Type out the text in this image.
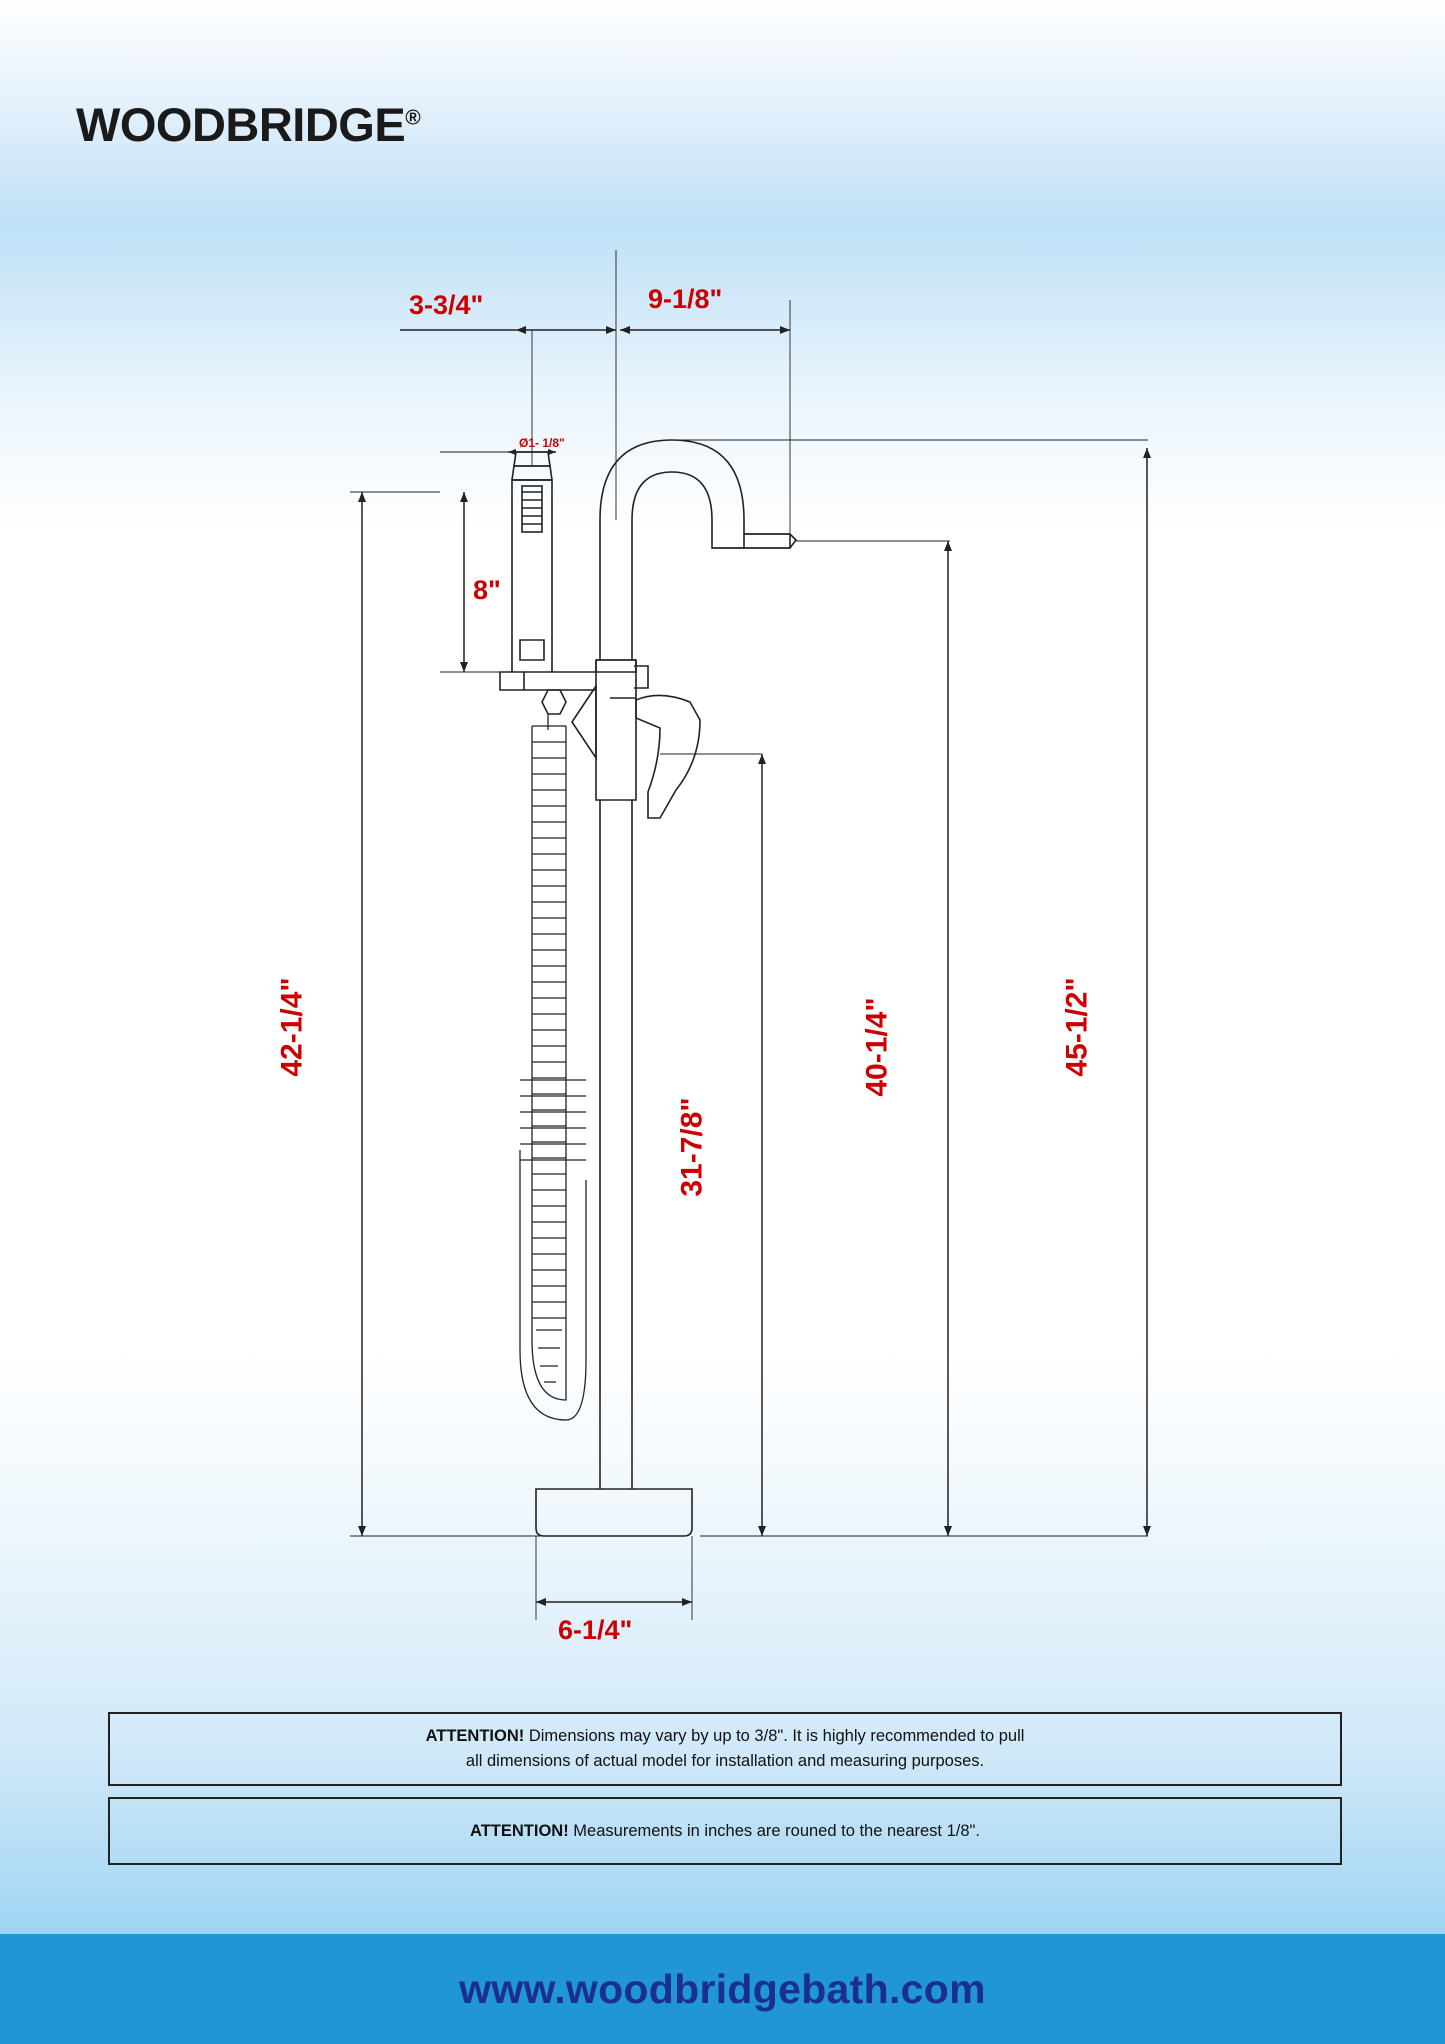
WOODBRIDGE®
3-3/4"	9-1/8"
Ø1- 1/8"
8"
42-1/4"
31-7/8"
40-1/4"	45-1/2"
6-1/4"

ATTENTION! Dimensions may vary by up to 3/8". It is highly recommended to pull
all dimensions of actual model for installation and measuring purposes.

ATTENTION! Measurements in inches are rouned to the nearest 1/8".

www.woodbridgebath.com
